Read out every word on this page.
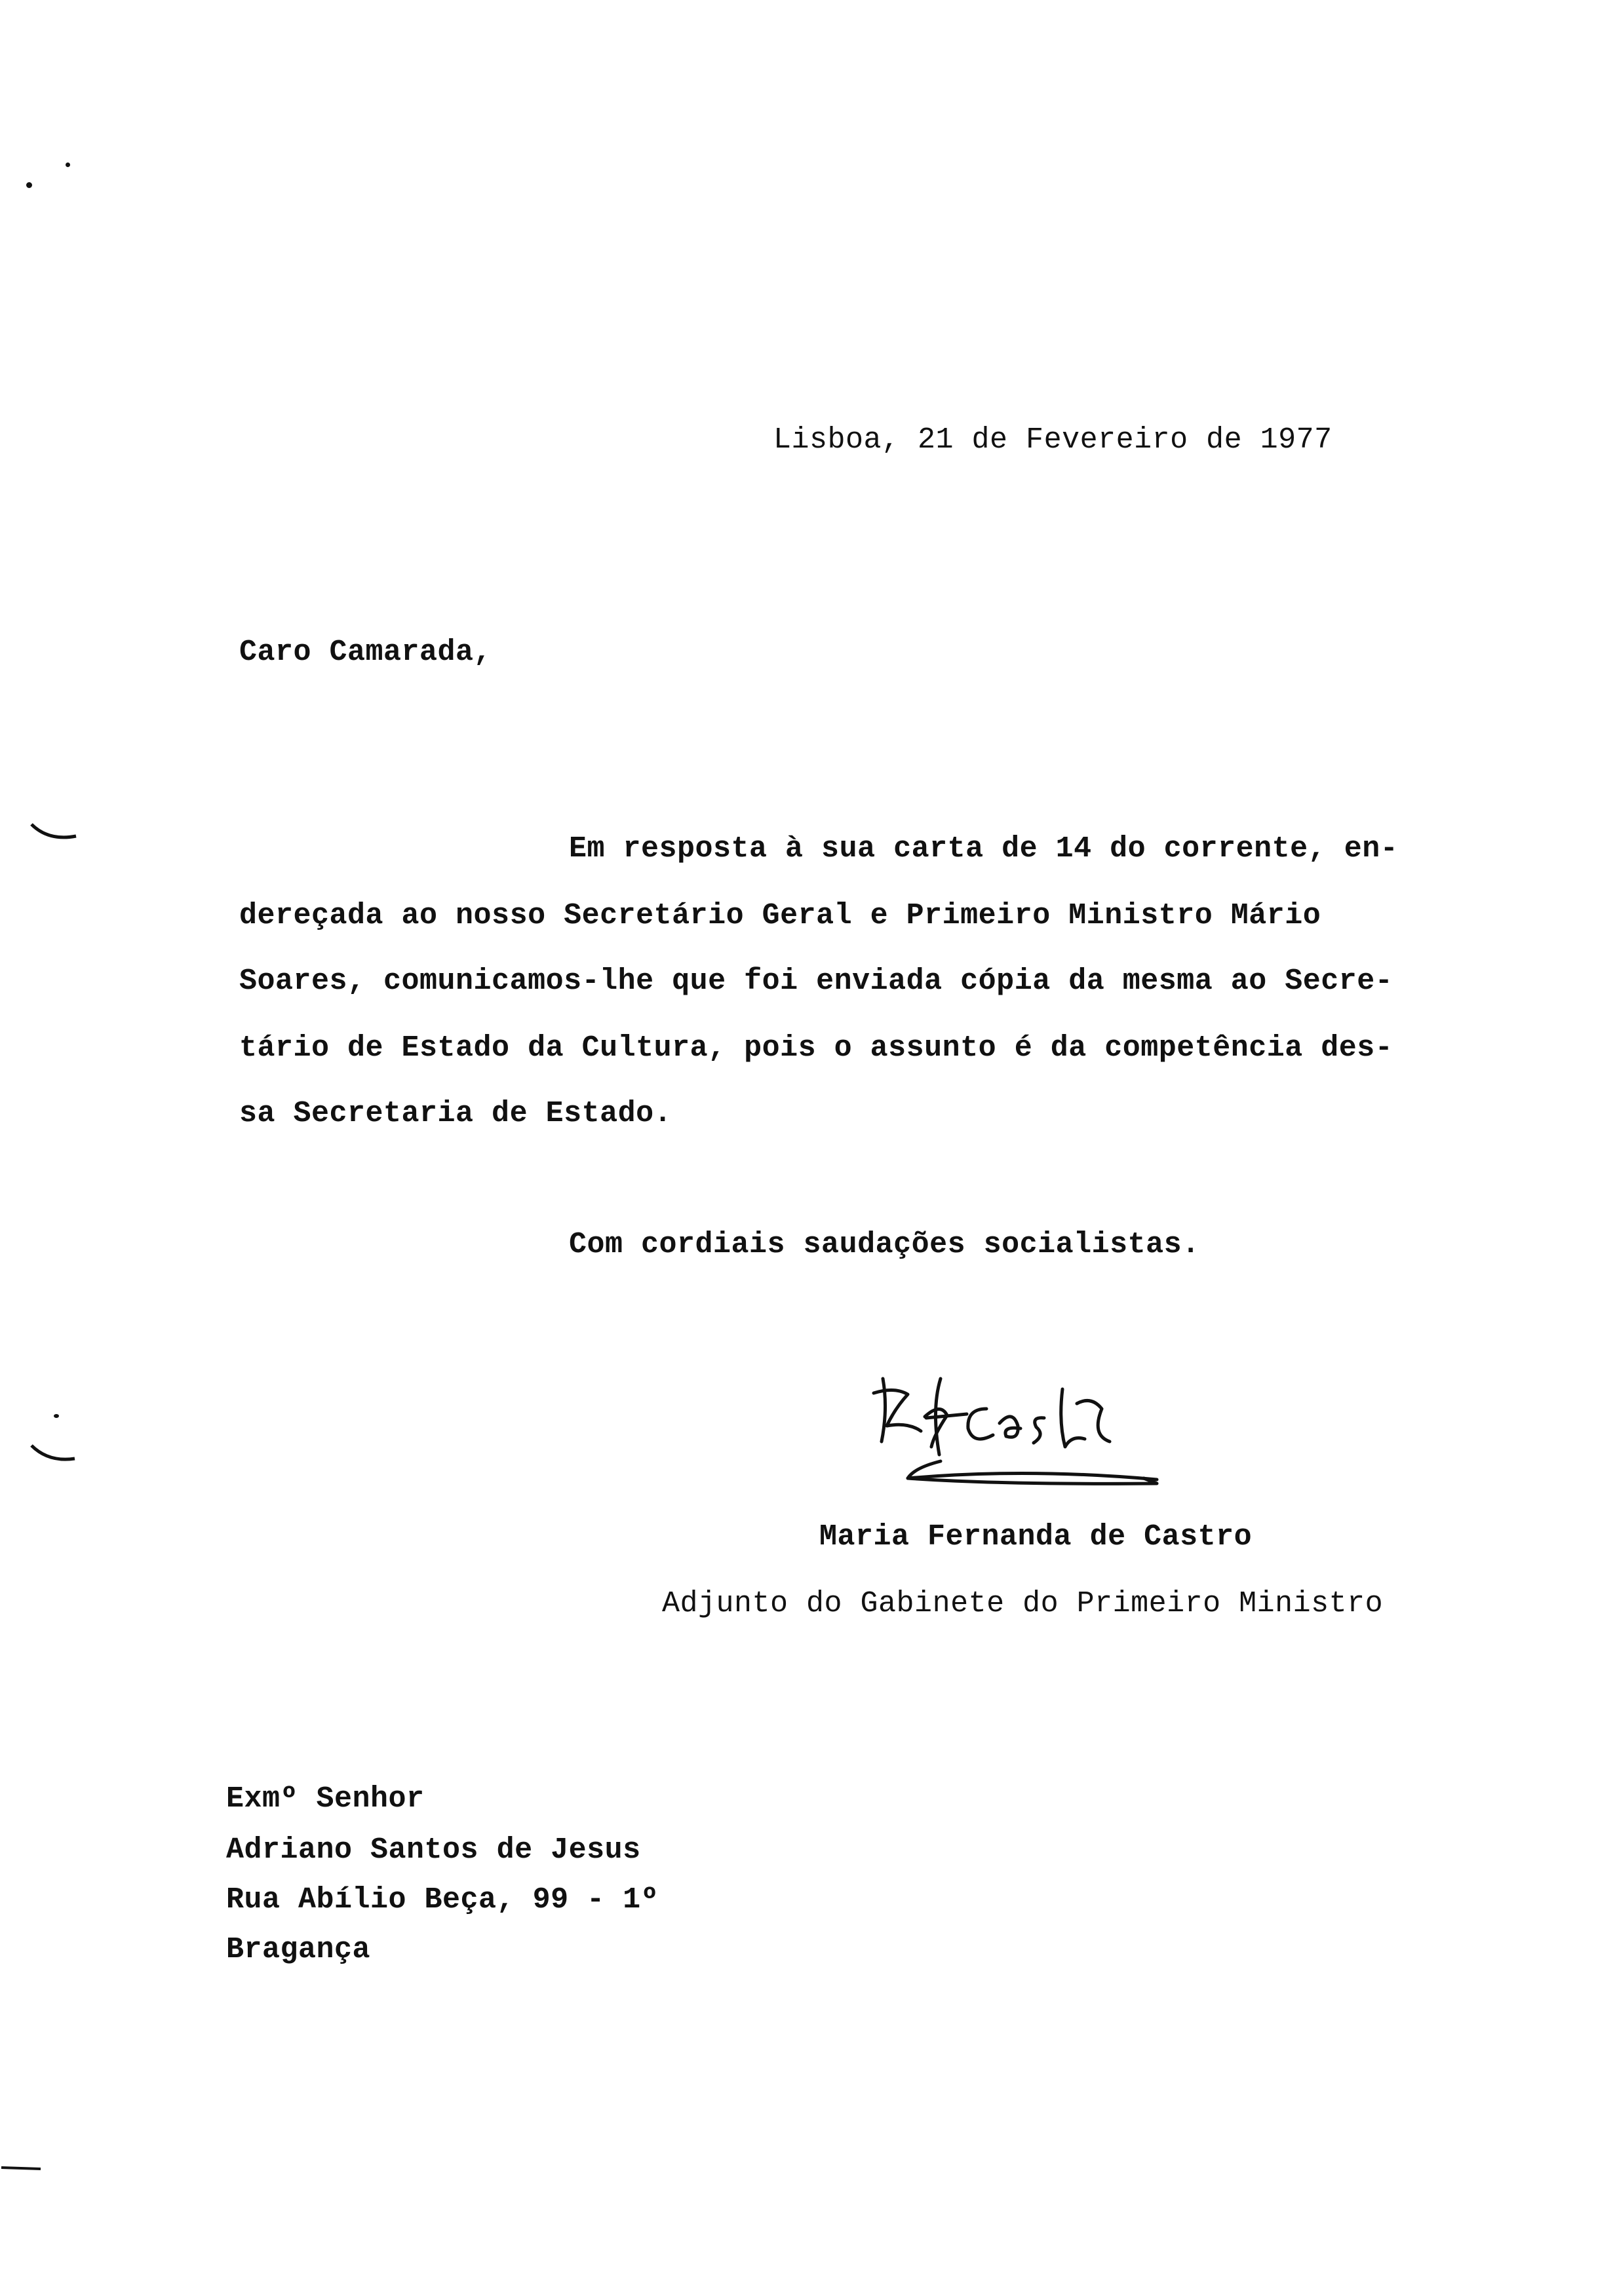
Lisboa, 21 de Fevereiro de 1977
Caro Camarada,
Em resposta à sua carta de 14 do corrente, en-
dereçada ao nosso Secretário Geral e Primeiro Ministro Mário
Soares, comunicamos-lhe que foi enviada cópia da mesma ao Secre-
tário de Estado da Cultura, pois o assunto é da competência des-
sa Secretaria de Estado.
Com cordiais saudações socialistas.
Maria Fernanda de Castro
Adjunto do Gabinete do Primeiro Ministro
Exmº Senhor
Adriano Santos de Jesus
Rua Abílio Beça, 99 - 1º
Bragança
